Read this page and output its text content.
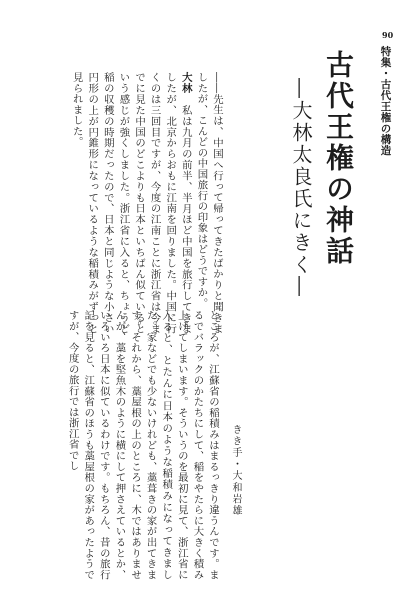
90
特集・古代王権の構造
古代王権の神話
―大林太良氏にきく―

――先生は、中国へ行って帰ってきたばかりと聞きましたが、こんどの中国旅行の印象はどうですか。

大林　私は九月の前半、半月ほど中国を旅行してきましたが、北京からおもに江南を回りました。中国に行くのは三回目ですが、今度の江南ことに浙江省は今までに見た中国のどこよりも日本といちばん似ているという感じが強くしました。浙江省に入ると、ちょうど稲の収穫の時期だったので、日本と同じような小さい円形の上が円錐形になっているような稲積みがずっと見られました。

ところが、江蘇省の稲積みはまるっきり違うんです。まるでバラックのかたちにして、稲をやたらに大きく積み上げてしまいます。そういうのを最初に見て、浙江省に入ると、とたんに日本のような稲積みになってきました。家などでも少ないけれども、藁葺きの家が出てきます。それから、藁屋根の上のところに、木ではありませんが、藁を堅魚木のように横にして押さえているとか、いろいろ日本に似ているわけです。もちろん、昔の旅行記を見ると、江蘇省のほうも藁屋根の家があったようですが、今度の旅行では浙江省でし	きき手・大和岩雄
